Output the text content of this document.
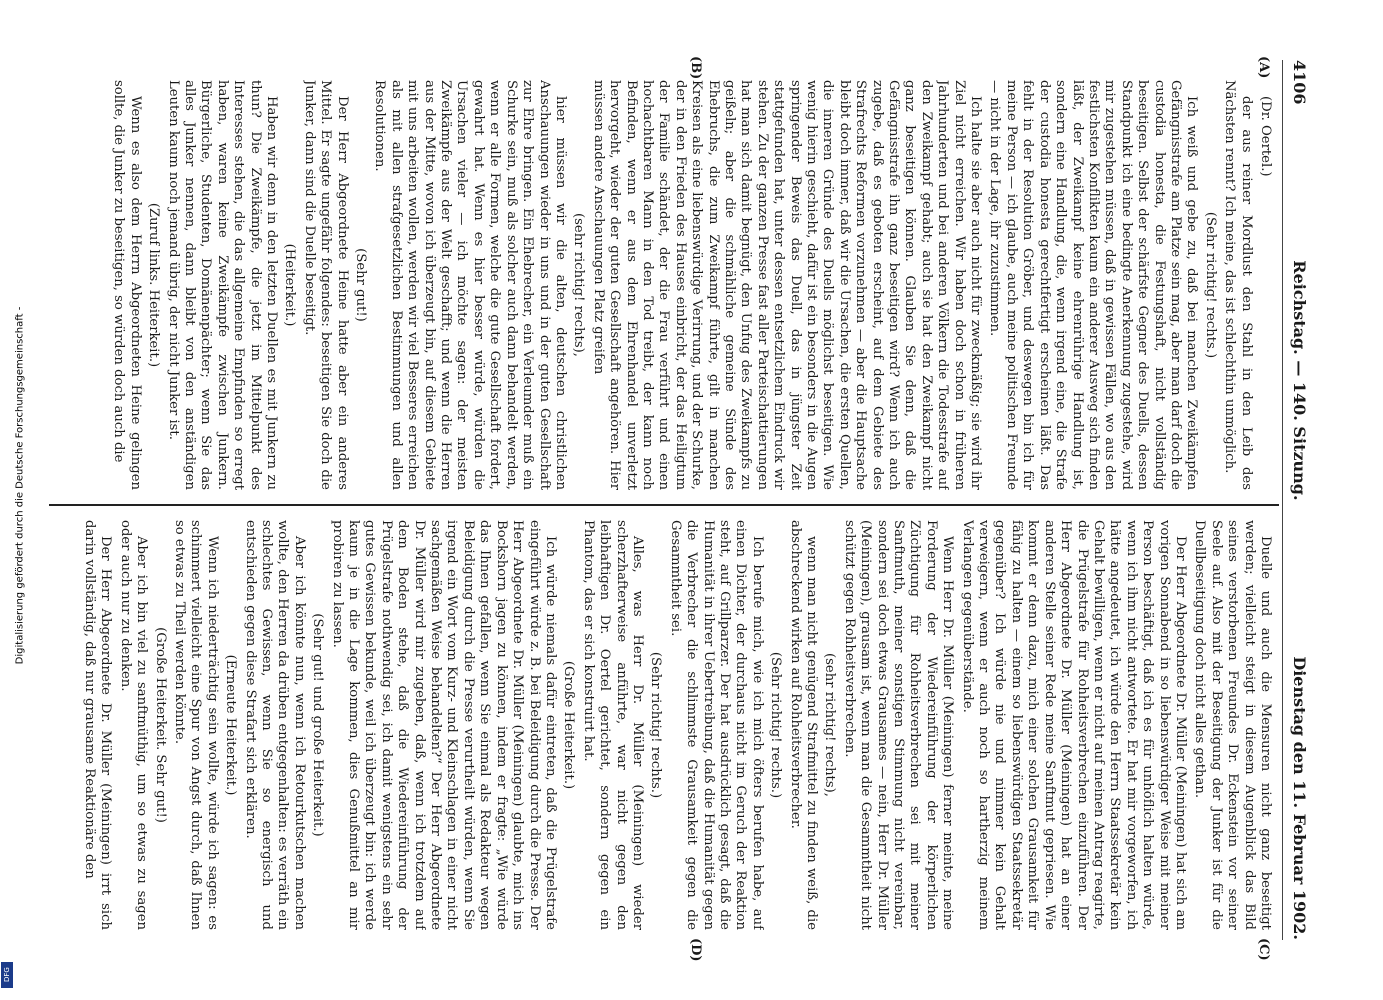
4106
Reichstag. — 140. Sitzung.
Dienstag den 11. Februar 1902.
(A)
(B)
(C)
(D)
(Dr. Oertel.)
der aus reiner Mordlust den Stahl in den Leib des Nächsten rennt? Ich meine, das ist schlechthin unmöglich.
(Sehr richtig! rechts.)
Ich weiß und gebe zu, daß bei manchen Zweikämpfen Gefängnisstrafe am Platze sein mag, aber man darf doch die custodia honesta, die Festungshaft, nicht vollständig beseitigen. Selbst der schärfste Gegner des Duells, dessen Standpunkt ich eine bedingte Anerkennung zugestehe, wird mir zugestehen müssen, daß in gewissen Fällen, wo aus den festlichsten Konflikten kaum ein anderer Ausweg sich finden läßt, der Zweikampf keine ehrenrührige Handlung ist, sondern eine Handlung, die, wenn irgend eine, die Strafe der custodia honesta gerechtfertigt erscheinen läßt. Das fehlt in der Resolution Gröber, und deswegen bin ich für meine Person — ich glaube, auch meine politischen Freunde — nicht in der Lage, ihr zuzustimmen.
Ich halte sie aber auch nicht für zweckmäßig; sie wird ihr Ziel nicht erreichen. Wir haben doch schon in früheren Jahrhunderten und bei anderen Völkern die Todesstrafe auf den Zweikampf gehabt; auch sie hat den Zweikampf nicht ganz beseitigen können. Glauben Sie denn, daß die Gefängnisstrafe ihn ganz beseitigen wird? Wenn ich auch zugebe, daß es geboten erscheint, auf dem Gebiete des Strafrechts Reformen vorzunehmen — aber die Hauptsache bleibt doch immer, daß wir die Ursachen, die ersten Quellen, die inneren Gründe des Duells möglichst beseitigen. Wie wenig hierin geschieht, dafür ist ein besonders in die Augen springender Beweis das Duell, das in jüngster Zeit stattgefunden hat, unter dessen entsetzlichem Eindruck wir stehen. Zu der ganzen Presse fast aller Parteischattierungen hat man sich damit begnügt, den Unfug des Zweikampfs zu geißeln; aber die schmähliche gemeine Sünde des Ehebruchs, die zum Zweikampf führte, gilt in manchen Kreisen als eine liebenswürdige Verirrung, und der Schurke, der in den Frieden des Hauses einbricht, der das Heiligtum der Familie schändet, der die Frau verführt und einen hochachtbaren Mann in den Tod treibt, der kann noch Befinden, wenn er aus dem Ehrenhandel unverletzt hervorgeht, wieder der guten Gesellschaft angehören. Hier müssen andere Anschauungen Platz greifen
(sehr richtig! rechts),
hier müssen wir die alten, deutschen christlichen Anschauungen wieder in uns und in der guten Gesellschaft zur Ehre bringen. Ein Ehebrecher, ein Verleumder muß ein Schurke sein, muß als solcher auch dann behandelt werden, wenn er alle Formen, welche die gute Gesellschaft fordert, gewahrt hat. Wenn es hier besser würde, würden die Ursachen vieler — ich möchte sagen: der meisten Zweikämpfe aus der Welt geschafft; und wenn die Herren aus der Mitte, wovon ich überzeugt bin, auf diesem Gebiete mit uns arbeiten wollen, werden wir viel Besseres erreichen als mit allen strafgesetzlichen Bestimmungen und allen Resolutionen.
(Sehr gut!)
Der Herr Abgeordnete Heine hatte aber ein anderes Mittel. Er sagte ungefähr folgendes: beseitigen Sie doch die Junker, dann sind die Duelle beseitigt.
(Heiterkeit.)
Haben wir denn in den letzten Duellen es mit Junkern zu thun? Die Zweikämpfe, die jetzt im Mittelpunkt des Interesses stehen, die das allgemeine Empfinden so erregt haben, waren keine Zweikämpfe zwischen Junkern. Bürgerliche, Studenten, Domänenpächter; wenn Sie das alles Junker nennen, dann bleibt von den anständigen Leuten kaum noch jemand übrig, der nicht Junker ist.
(Zuruf links. Heiterkeit.)
Wenn es also dem Herrn Abgeordneten Heine gelingen sollte, die Junker zu beseitigen, so würden doch auch die
Duelle und auch die Mensuren nicht ganz beseitigt werden; vielleicht steigt in diesem Augenblick das Bild seines verstorbenen Freundes Dr. Eckenstein vor seiner Seele auf. Also mit der Beseitigung der Junker ist für die Duellbeseitigung doch nicht alles gethan.
Der Herr Abgeordnete Dr. Müller (Meiningen) hat sich am vorigen Sonnabend in so liebenswürdiger Weise mit meiner Person beschäftigt, daß ich es für unhöflich halten würde, wenn ich ihm nicht antwortete. Er hat mir vorgeworfen, ich hätte angedeutet, ich würde den Herrn Staatssekretär kein Gehalt bewilligen, wenn er nicht auf meinen Antrag reagirte, die Prügelstrafe für Rohheitsverbrechen einzuführen. Der Herr Abgeordnete Dr. Müller (Meiningen) hat an einer anderen Stelle seiner Rede meine Sanftmut gepriesen. Wie kommt er denn dazu, mich einer solchen Grausamkeit für fähig zu halten — einem so liebenswürdigen Staatssekretär gegenüber? Ich würde nie und nimmer kein Gehalt verweigern, wenn er auch noch so hartherzig meinem Verlangen gegenüberstände.
Wenn Herr Dr. Müller (Meiningen) ferner meinte, meine Forderung der Wiedereinführung der körperlichen Züchtigung für Rohheitsverbrechen sei mit meiner Sanftmuth, meiner sonstigen Stimmung nicht vereinbar, sondern sei doch etwas Grausames — nein, Herr Dr. Müller (Meiningen), grausam ist, wenn man die Gesammtheit nicht schützt gegen Rohheitsverbrechen.
(sehr richtig! rechts),
wenn man nicht genügend Strafmittel zu finden weiß, die abschreckend wirken auf Rohheitsverbrecher.
(Sehr richtig! rechts.)
Ich berufe mich, wie ich mich öfters berufen habe, auf einen Dichter, der durchaus nicht im Geruch der Reaktion steht, auf Grillparzer. Der hat ausdrücklich gesagt, daß die Humanität in ihrer Uebertreibung, daß die Humanität gegen die Verbrecher die schlimmste Grausamkeit gegen die Gesammtheit sei.
(Sehr richtig! rechts.)
Alles, was Herr Dr. Müller (Meiningen) wieder scherzhafterweise anführte, war nicht gegen den leibhaftigen Dr. Oertel gerichtet, sondern gegen ein Phantom, das er sich konstruirt hat.
(Große Heiterkeit.)
Ich würde niemals dafür eintreten, daß die Prügelstrafe eingeführt würde z. B. bei Beleidigung durch die Presse. Der Herr Abgeordnete Dr. Müller (Meiningen) glaubte, mich ins Bockshorn jagen zu können, indem er fragte: „Wie würde das Ihnen gefallen, wenn Sie einmal als Redakteur wegen Beleidigung durch die Presse verurtheilt würden, wenn Sie irgend ein Wort vom Kurz- und Kleinschlagen in einer nicht sachgemäßen Weise behandelten?“ Der Herr Abgeordnete Dr. Müller wird mir zugeben, daß, wenn ich trotzdem auf dem Boden stehe, daß die Wiedereinführung der Prügelstrafe nothwendig sei, ich damit wenigstens ein sehr gutes Gewissen bekunde, weil ich überzeugt bin: ich werde kaum je in die Lage kommen, dies Genußmittel an mir probiren zu lassen.
(Sehr gut! und große Heiterkeit.)
Aber ich könnte nun, wenn ich Retourkutschen machen wollte, den Herren da drüben entgegenhalten: es verräth ein schlechtes Gewissen, wenn Sie so energisch und entschieden gegen diese Strafart sich erklären.
(Erneute Heiterkeit.)
Wenn ich niederträchtig sein wollte, würde ich sagen: es schimmert vielleicht eine Spur von Angst durch, daß Ihnen so etwas zu Theil werden könnte.
(Große Heiterkeit. Sehr gut!)
Aber ich bin viel zu sanftmüthig, um so etwas zu sagen oder auch nur zu denken.
Der Herr Abgeordnete Dr. Müller (Meiningen) irrt sich darin vollständig, daß nur grausame Reaktionäre den
Digitalisierung gefördert durch die Deutsche Forschungsgemeinschaft -
DFG
